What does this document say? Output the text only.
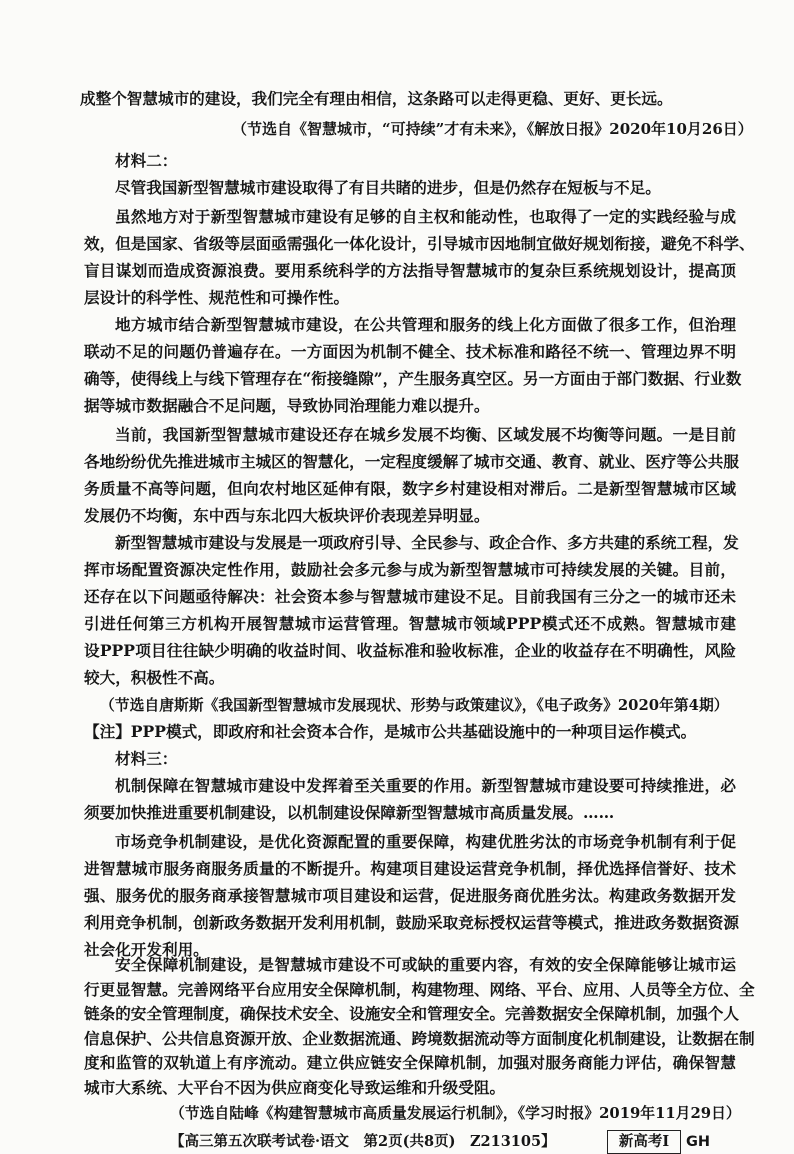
成整个智慧城市的建设，我们完全有理由相信，这条路可以走得更稳、更好、更长远。
（节选自《智慧城市，“可持续”才有未来》，《解放日报》2020年10月26日）
材料二：
尽管我国新型智慧城市建设取得了有目共睹的进步，但是仍然存在短板与不足。
虽然地方对于新型智慧城市建设有足够的自主权和能动性，也取得了一定的实践经验与成
效，但是国家、省级等层面亟需强化一体化设计，引导城市因地制宜做好规划衔接，避免不科学、
盲目谋划而造成资源浪费。要用系统科学的方法指导智慧城市的复杂巨系统规划设计，提高顶
层设计的科学性、规范性和可操作性。
地方城市结合新型智慧城市建设，在公共管理和服务的线上化方面做了很多工作，但治理
联动不足的问题仍普遍存在。一方面因为机制不健全、技术标准和路径不统一、管理边界不明
确等，使得线上与线下管理存在“衔接缝隙”，产生服务真空区。另一方面由于部门数据、行业数
据等城市数据融合不足问题，导致协同治理能力难以提升。
当前，我国新型智慧城市建设还存在城乡发展不均衡、区域发展不均衡等问题。一是目前
各地纷纷优先推进城市主城区的智慧化，一定程度缓解了城市交通、教育、就业、医疗等公共服
务质量不高等问题，但向农村地区延伸有限，数字乡村建设相对滞后。二是新型智慧城市区域
发展仍不均衡，东中西与东北四大板块评价表现差异明显。
新型智慧城市建设与发展是一项政府引导、全民参与、政企合作、多方共建的系统工程，发
挥市场配置资源决定性作用，鼓励社会多元参与成为新型智慧城市可持续发展的关键。目前，
还存在以下问题亟待解决：社会资本参与智慧城市建设不足。目前我国有三分之一的城市还未
引进任何第三方机构开展智慧城市运营管理。智慧城市领域PPP模式还不成熟。智慧城市建
设PPP项目往往缺少明确的收益时间、收益标准和验收标准，企业的收益存在不明确性，风险
较大，积极性不高。
（节选自唐斯斯《我国新型智慧城市发展现状、形势与政策建议》，《电子政务》2020年第4期）
【注】PPP模式，即政府和社会资本合作，是城市公共基础设施中的一种项目运作模式。
材料三：
机制保障在智慧城市建设中发挥着至关重要的作用。新型智慧城市建设要可持续推进，必
须要加快推进重要机制建设，以机制建设保障新型智慧城市高质量发展。……
市场竞争机制建设，是优化资源配置的重要保障，构建优胜劣汰的市场竞争机制有利于促
进智慧城市服务商服务质量的不断提升。构建项目建设运营竞争机制，择优选择信誉好、技术
强、服务优的服务商承接智慧城市项目建设和运营，促进服务商优胜劣汰。构建政务数据开发
利用竞争机制，创新政务数据开发利用机制，鼓励采取竞标授权运营等模式，推进政务数据资源
社会化开发利用。
安全保障机制建设，是智慧城市建设不可或缺的重要内容，有效的安全保障能够让城市运
行更显智慧。完善网络平台应用安全保障机制，构建物理、网络、平台、应用、人员等全方位、全
链条的安全管理制度，确保技术安全、设施安全和管理安全。完善数据安全保障机制，加强个人
信息保护、公共信息资源开放、企业数据流通、跨境数据流动等方面制度化机制建设，让数据在制
度和监管的双轨道上有序流动。建立供应链安全保障机制，加强对服务商能力评估，确保智慧
城市大系统、大平台不因为供应商变化导致运维和升级受阻。
（节选自陆峰《构建智慧城市高质量发展运行机制》，《学习时报》2019年11月29日）
【高三第五次联考试卷·语文　第2页(共8页)　Z213105】	新高考Ⅰ	GH
